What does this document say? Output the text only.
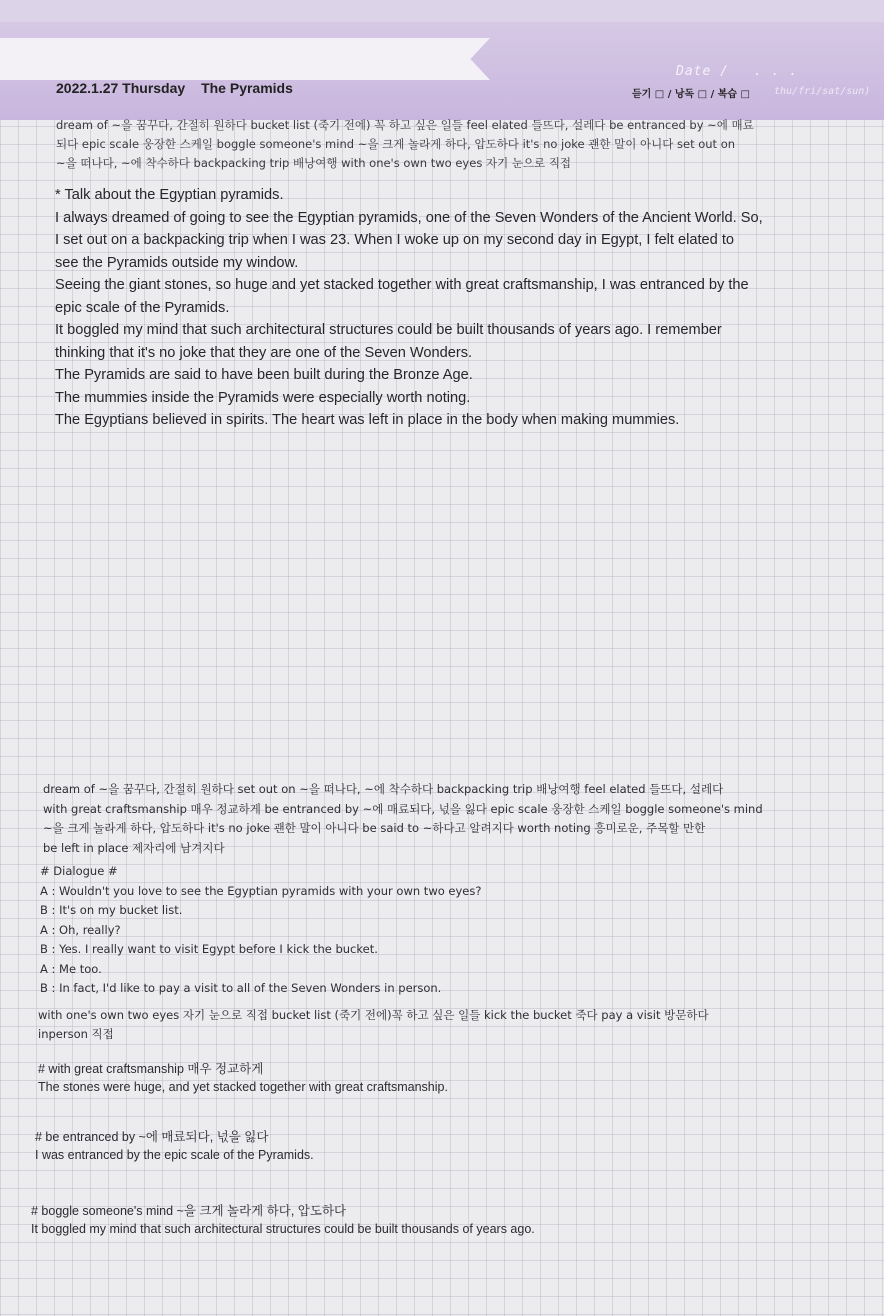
2022.1.27 Thursday The Pyramids
Date / . . .
thu/fri/sat/sun)
듣기 □ / 낭독 □ / 복습 □
dream of ~을 꿈꾸다, 간절히 원하다 bucket list (죽기 전에) 꼭 하고 싶은 일들 feel elated 들뜨다, 설레다 be entranced by ~에 매료
되다 epic scale 웅장한 스케일 boggle someone's mind ~을 크게 놀라게 하다, 압도하다 it's no joke 괜한 말이 아니다 set out on
~을 떠나다, ~에 착수하다 backpacking trip 배낭여행 with one's own two eyes 자기 눈으로 직접

* Talk about the Egyptian pyramids.

I always dreamed of going to see the Egyptian pyramids, one of the Seven Wonders of the Ancient World. So,

I set out on a backpacking trip when I was 23. When I woke up on my second day in Egypt, I felt elated to

see the Pyramids outside my window.

Seeing the giant stones, so huge and yet stacked together with great craftsmanship, I was entranced by the

epic scale of the Pyramids.

It boggled my mind that such architectural structures could be built thousands of years ago. I remember

thinking that it's no joke that they are one of the Seven Wonders.

The Pyramids are said to have been built during the Bronze Age.

The mummies inside the Pyramids were especially worth noting.

The Egyptians believed in spirits. The heart was left in place in the body when making mummies.

dream of ~을 꿈꾸다, 간절히 원하다 set out on ~을 떠나다, ~에 착수하다 backpacking trip 배낭여행 feel elated 들뜨다, 설레다
with great craftsmanship 매우 정교하게 be entranced by ~에 매료되다, 넋을 잃다 epic scale 웅장한 스케일 boggle someone's mind
~을 크게 놀라게 하다, 압도하다 it's no joke 괜한 말이 아니다 be said to ~하다고 알려지다 worth noting 흥미로운, 주목할 만한
be left in place 제자리에 남겨지다

# Dialogue #

A : Wouldn't you love to see the Egyptian pyramids with your own two eyes?

B : It's on my bucket list.

A : Oh, really?

B : Yes. I really want to visit Egypt before I kick the bucket.

A : Me too.

B : In fact, I'd like to pay a visit to all of the Seven Wonders in person.

with one's own two eyes 자기 눈으로 직접 bucket list (죽기 전에)꼭 하고 싶은 일들 kick the bucket 죽다 pay a visit 방문하다
inperson 직접

# with great craftsmanship 매우 정교하게

The stones were huge, and yet stacked together with great craftsmanship.

# be entranced by ~에 매료되다, 넋을 잃다

I was entranced by the epic scale of the Pyramids.

# boggle someone's mind ~을 크게 놀라게 하다, 압도하다

It boggled my mind that such architectural structures could be built thousands of years ago.
